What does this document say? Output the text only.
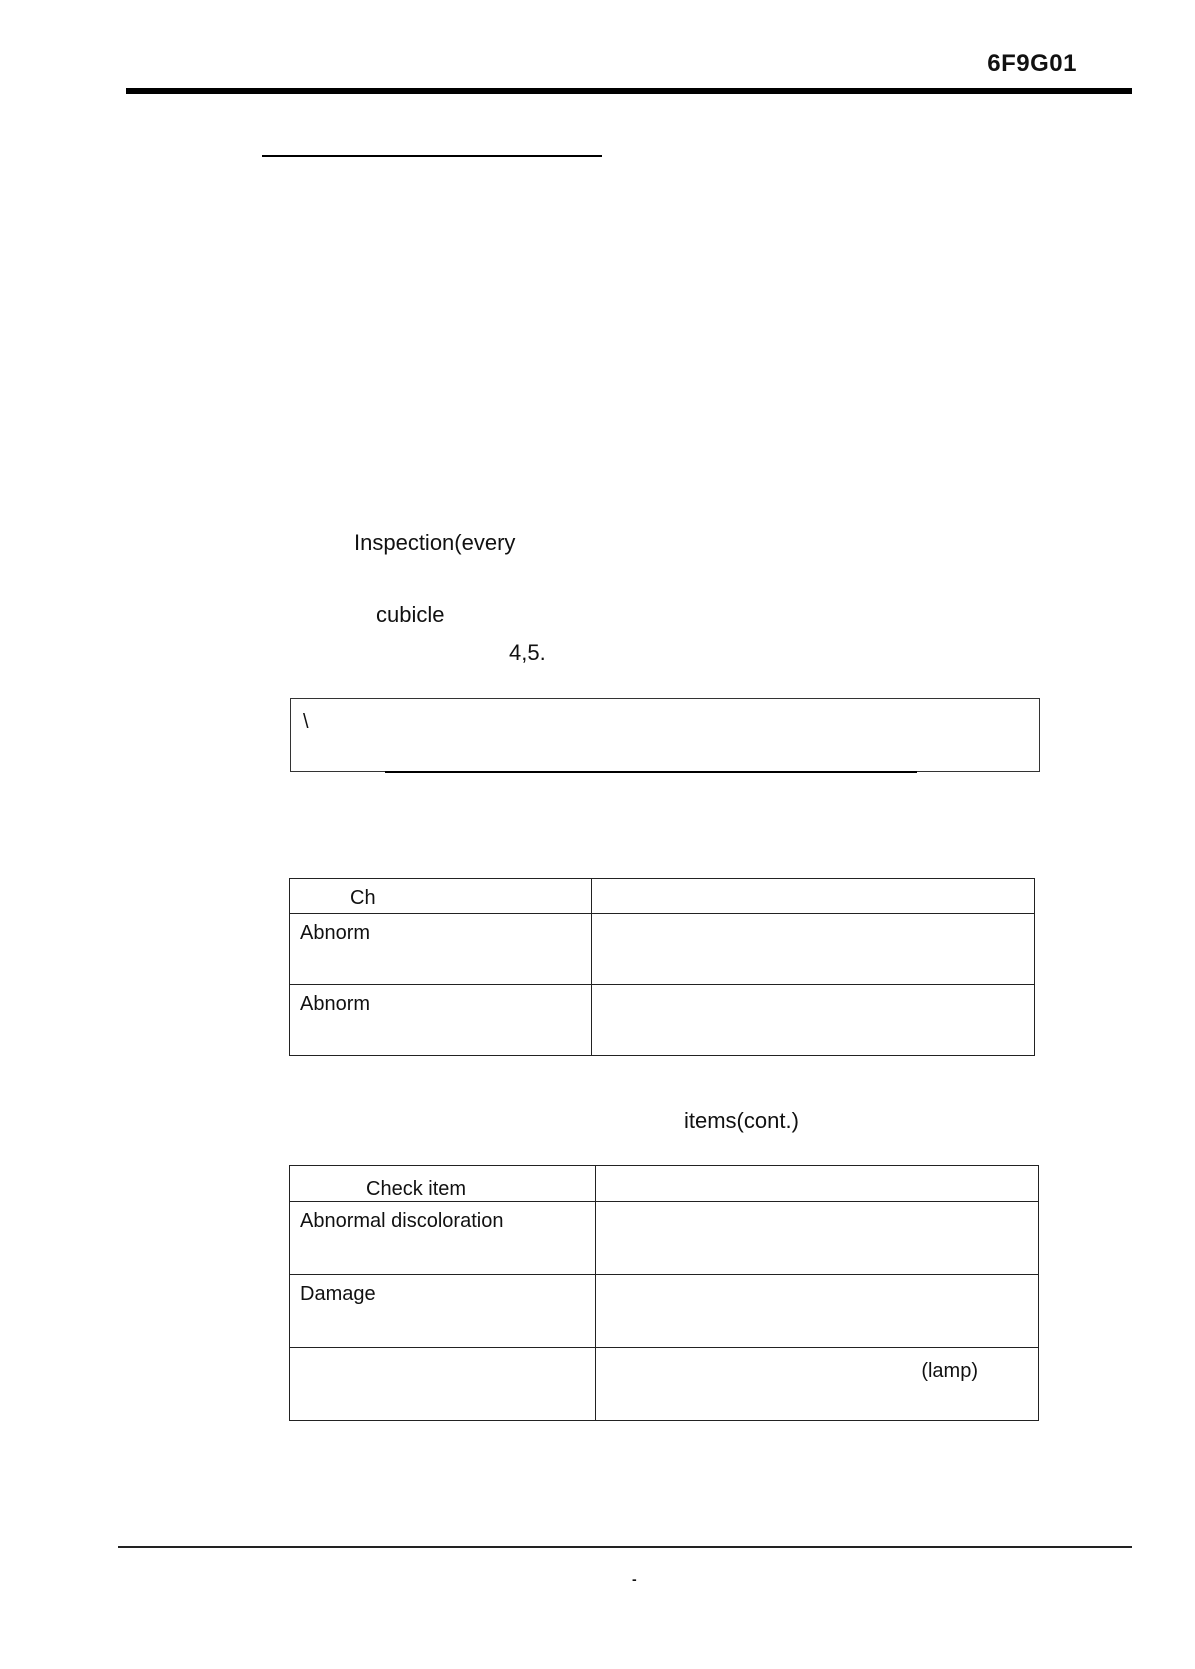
6F9G01
Inspection(every
cubicle
4,5.
\
Ch	
Abnorm	
Abnorm	
items(cont.)
Check item	
Abnormal discoloration	
Damage	
	(lamp)
-
